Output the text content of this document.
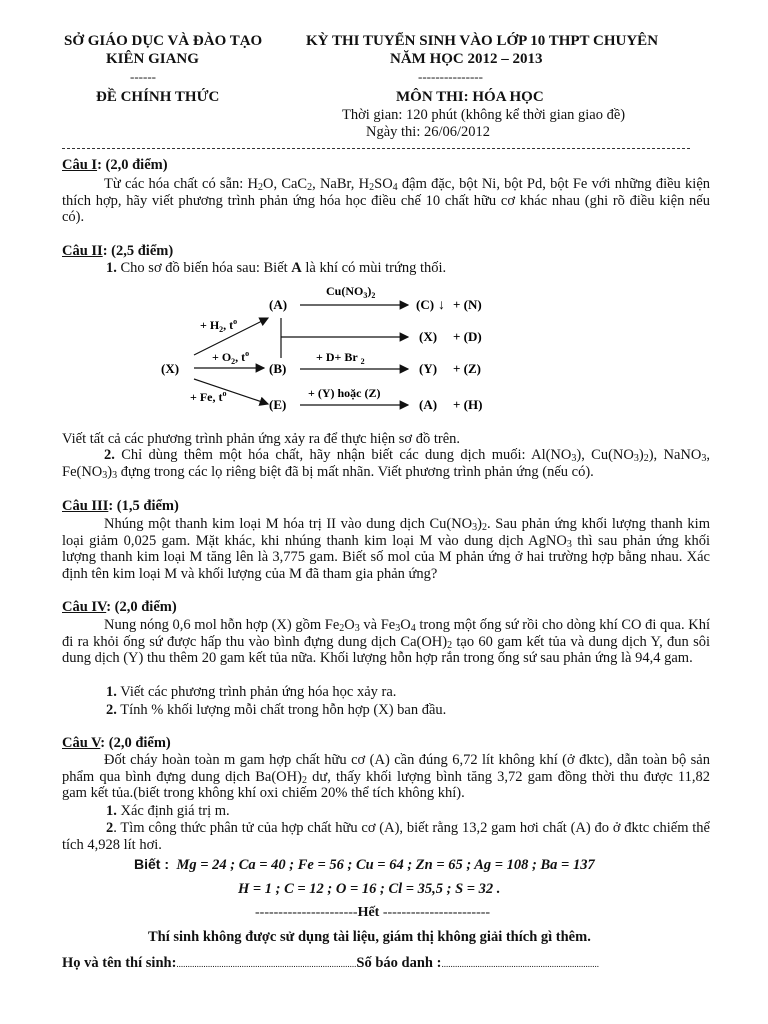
SỞ GIÁO DỤC VÀ ĐÀO TẠO
KIÊN GIANG
------
ĐỀ CHÍNH THỨC
KỲ THI TUYỂN SINH VÀO LỚP 10 THPT CHUYÊN
NĂM HỌC 2012 – 2013
---------------
MÔN THI: HÓA HỌC
Thời gian: 120 phút (không kể thời gian giao đề)
Ngày thi: 26/06/2012
Câu I: (2,0 điểm)
Từ các hóa chất có sẵn: $H_2O$, CaC$_2$, NaBr, $H_2SO_4$ đậm đặc, bột Ni, bột Pd, bột Fe với những điều kiện thích hợp, hãy viết phương trình phản ứng hóa học điều chế 10 chất hữu cơ khác nhau (ghi rõ điều kiện nếu có).
Câu II: (2,5 điểm)
1. Cho sơ đồ biến hóa sau: Biết A là khí có mùi trứng thối.
(A)
(B)
(E)
(X)
(C) ↓ + (N)
(X) + (D)
(Y) + (Z)
(A) + (H)
$Cu(NO_3)_2$
+ $H_2$, $t^o$
+ $O_2$, $t^o$
+ Fe, $t^o$
+ D+ Br $_2$
+ (Y) hoặc (Z)
Viết tất cả các phương trình phản ứng xảy ra để thực hiện sơ đồ trên.
2. Chỉ dùng thêm một hóa chất, hãy nhận biết các dung dịch muối: $Al(NO_3)$, $Cu(NO_3)_2$), NaNO$_3$, $Fe(NO_3)_3$ đựng trong các lọ riêng biệt đã bị mất nhãn. Viết phương trình phản ứng (nếu có).
Câu III: (1,5 điểm)
Nhúng một thanh kim loại M hóa trị II vào dung dịch $Cu(NO_3)_2$. Sau phản ứng khối lượng thanh kim loại giảm 0,025 gam. Mặt khác, khi nhúng thanh kim loại M vào dung dịch AgNO$_3$ thì sau phản ứng khối lượng thanh kim loại M tăng lên là 3,775 gam. Biết số mol của M phản ứng ở hai trường hợp bằng nhau. Xác định tên kim loại M và khối lượng của M đã tham gia phản ứng?
Câu IV: (2,0 điểm)
Nung nóng 0,6 mol hỗn hợp (X) gồm $Fe_2O_3$ và $Fe_3O_4$ trong một ống sứ rồi cho dòng khí CO đi qua. Khí đi ra khỏi ống sứ được hấp thu vào bình đựng dung dịch $Ca(OH)_2$ tạo 60 gam kết tủa và dung dịch Y, đun sôi dung dịch (Y) thu thêm 20 gam kết tủa nữa. Khối lượng hỗn hợp rắn trong ống sứ sau phản ứng là 94,4 gam.
1. Viết các phương trình phản ứng hóa học xảy ra.
2. Tính % khối lượng mỗi chất trong hỗn hợp (X) ban đầu.
Câu V: (2,0 điểm)
Đốt cháy hoàn toàn m gam hợp chất hữu cơ (A) cần đúng 6,72 lít không khí (ở đktc), dẫn toàn bộ sản phẩm qua bình đựng dung dịch $Ba(OH)_2$ dư, thấy khối lượng bình tăng 3,72 gam đồng thời thu được 11,82 gam kết tủa.(biết trong không khí oxi chiếm 20% thể tích không khí).
1. Xác định giá trị m.
2. Tìm công thức phân tử của hợp chất hữu cơ (A), biết rằng 13,2 gam hơi chất (A) đo ở đktc chiếm thể tích 4,928 lít hơi.
Biết : Mg = 24 ; Ca = 40 ; Fe = 56 ; Cu = 64 ; Zn = 65 ; Ag = 108 ; Ba = 137
H = 1 ; C = 12 ; O = 16 ; Cl = 35,5 ; S = 32 .
----------------------Hết -----------------------
Thí sinh không được sử dụng tài liệu, giám thị không giải thích gì thêm.
Họ và tên thí sinh:................................................................................Số báo danh :......................................................................
